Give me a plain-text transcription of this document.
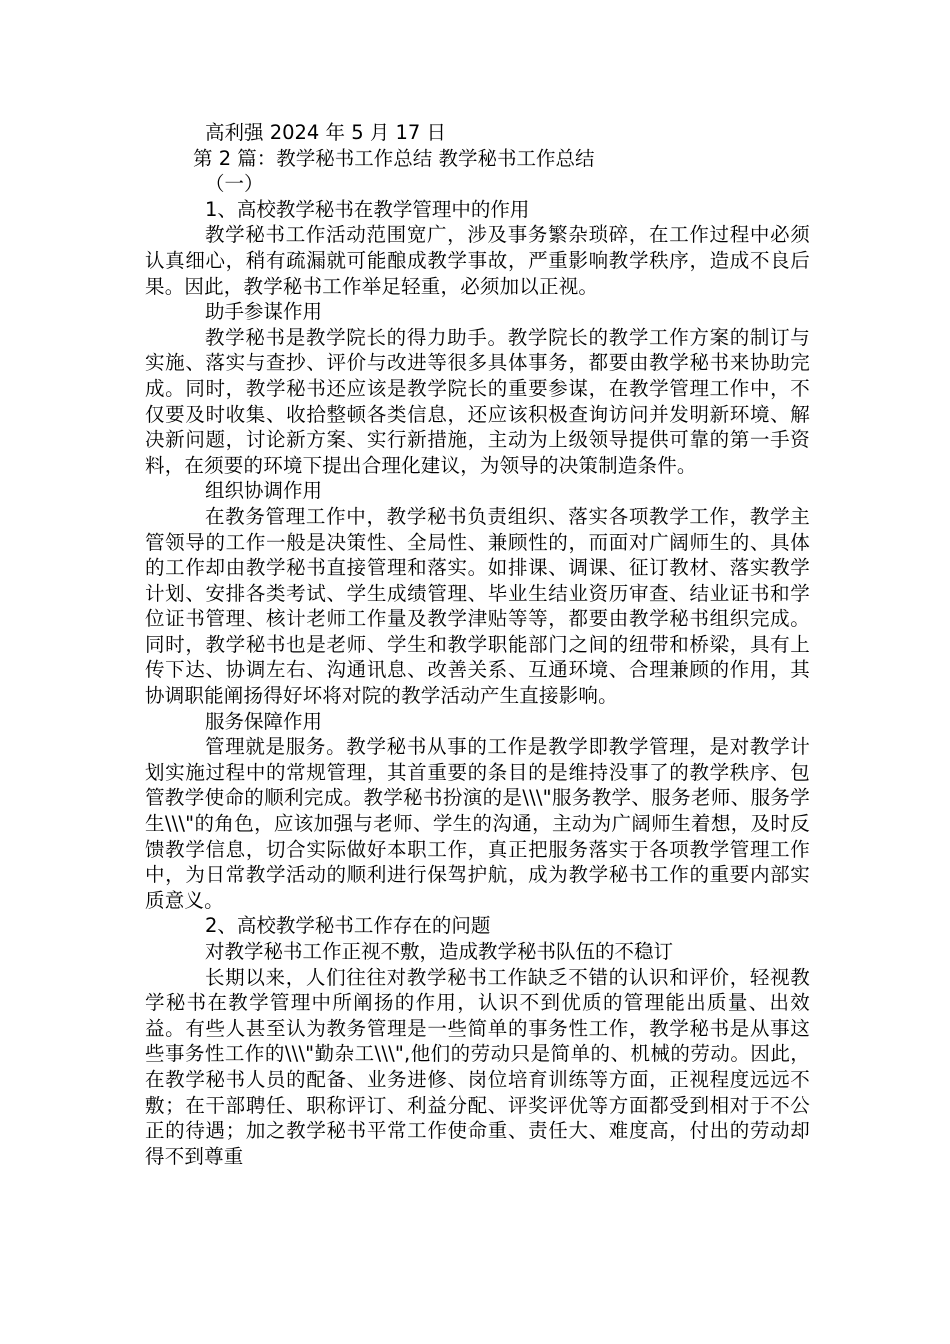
高利强 2024 年 5 月 17 日

第 2 篇：教学秘书工作总结 教学秘书工作总结

（一）

1、高校教学秘书在教学管理中的作用

教学秘书工作活动范围宽广，涉及事务繁杂琐碎，在工作过程中必须认真细心，稍有疏漏就可能酿成教学事故，严重影响教学秩序，造成不良后果。因此，教学秘书工作举足轻重，必须加以正视。

助手参谋作用

教学秘书是教学院长的得力助手。教学院长的教学工作方案的制订与实施、落实与查抄、评价与改进等很多具体事务，都要由教学秘书来协助完成。同时，教学秘书还应该是教学院长的重要参谋，在教学管理工作中，不仅要及时收集、收拾整顿各类信息，还应该积极查询访问并发明新环境、解决新问题，讨论新方案、实行新措施，主动为上级领导提供可靠的第一手资料，在须要的环境下提出合理化建议，为领导的决策制造条件。

组织协调作用

在教务管理工作中，教学秘书负责组织、落实各项教学工作，教学主管领导的工作一般是决策性、全局性、兼顾性的，而面对广阔师生的、具体的工作却由教学秘书直接管理和落实。如排课、调课、征订教材、落实教学计划、安排各类考试、学生成绩管理、毕业生结业资历审查、结业证书和学位证书管理、核计老师工作量及教学津贴等等，都要由教学秘书组织完成。同时，教学秘书也是老师、学生和教学职能部门之间的纽带和桥梁，具有上传下达、协调左右、沟通讯息、改善关系、互通环境、合理兼顾的作用，其协调职能阐扬得好坏将对院的教学活动产生直接影响。

服务保障作用

管理就是服务。教学秘书从事的工作是教学即教学管理，是对教学计划实施过程中的常规管理，其首重要的条目的是维持没事了的教学秩序、包管教学使命的顺利完成。教学秘书扮演的是\\\"服务教学、服务老师、服务学生\\\"的角色，应该加强与老师、学生的沟通，主动为广阔师生着想，及时反馈教学信息，切合实际做好本职工作，真正把服务落实于各项教学管理工作中，为日常教学活动的顺利进行保驾护航，成为教学秘书工作的重要内部实质意义。

2、高校教学秘书工作存在的问题

对教学秘书工作正视不敷，造成教学秘书队伍的不稳订

长期以来，人们往往对教学秘书工作缺乏不错的认识和评价，轻视教学秘书在教学管理中所阐扬的作用，认识不到优质的管理能出质量、出效益。有些人甚至认为教务管理是一些简单的事务性工作，教学秘书是从事这些事务性工作的\\\"勤杂工\\\",他们的劳动只是简单的、机械的劳动。因此，在教学秘书人员的配备、业务进修、岗位培育训练等方面，正视程度远远不敷；在干部聘任、职称评订、利益分配、评奖评优等方面都受到相对于不公正的待遇；加之教学秘书平常工作使命重、责任大、难度高，付出的劳动却得不到尊重
